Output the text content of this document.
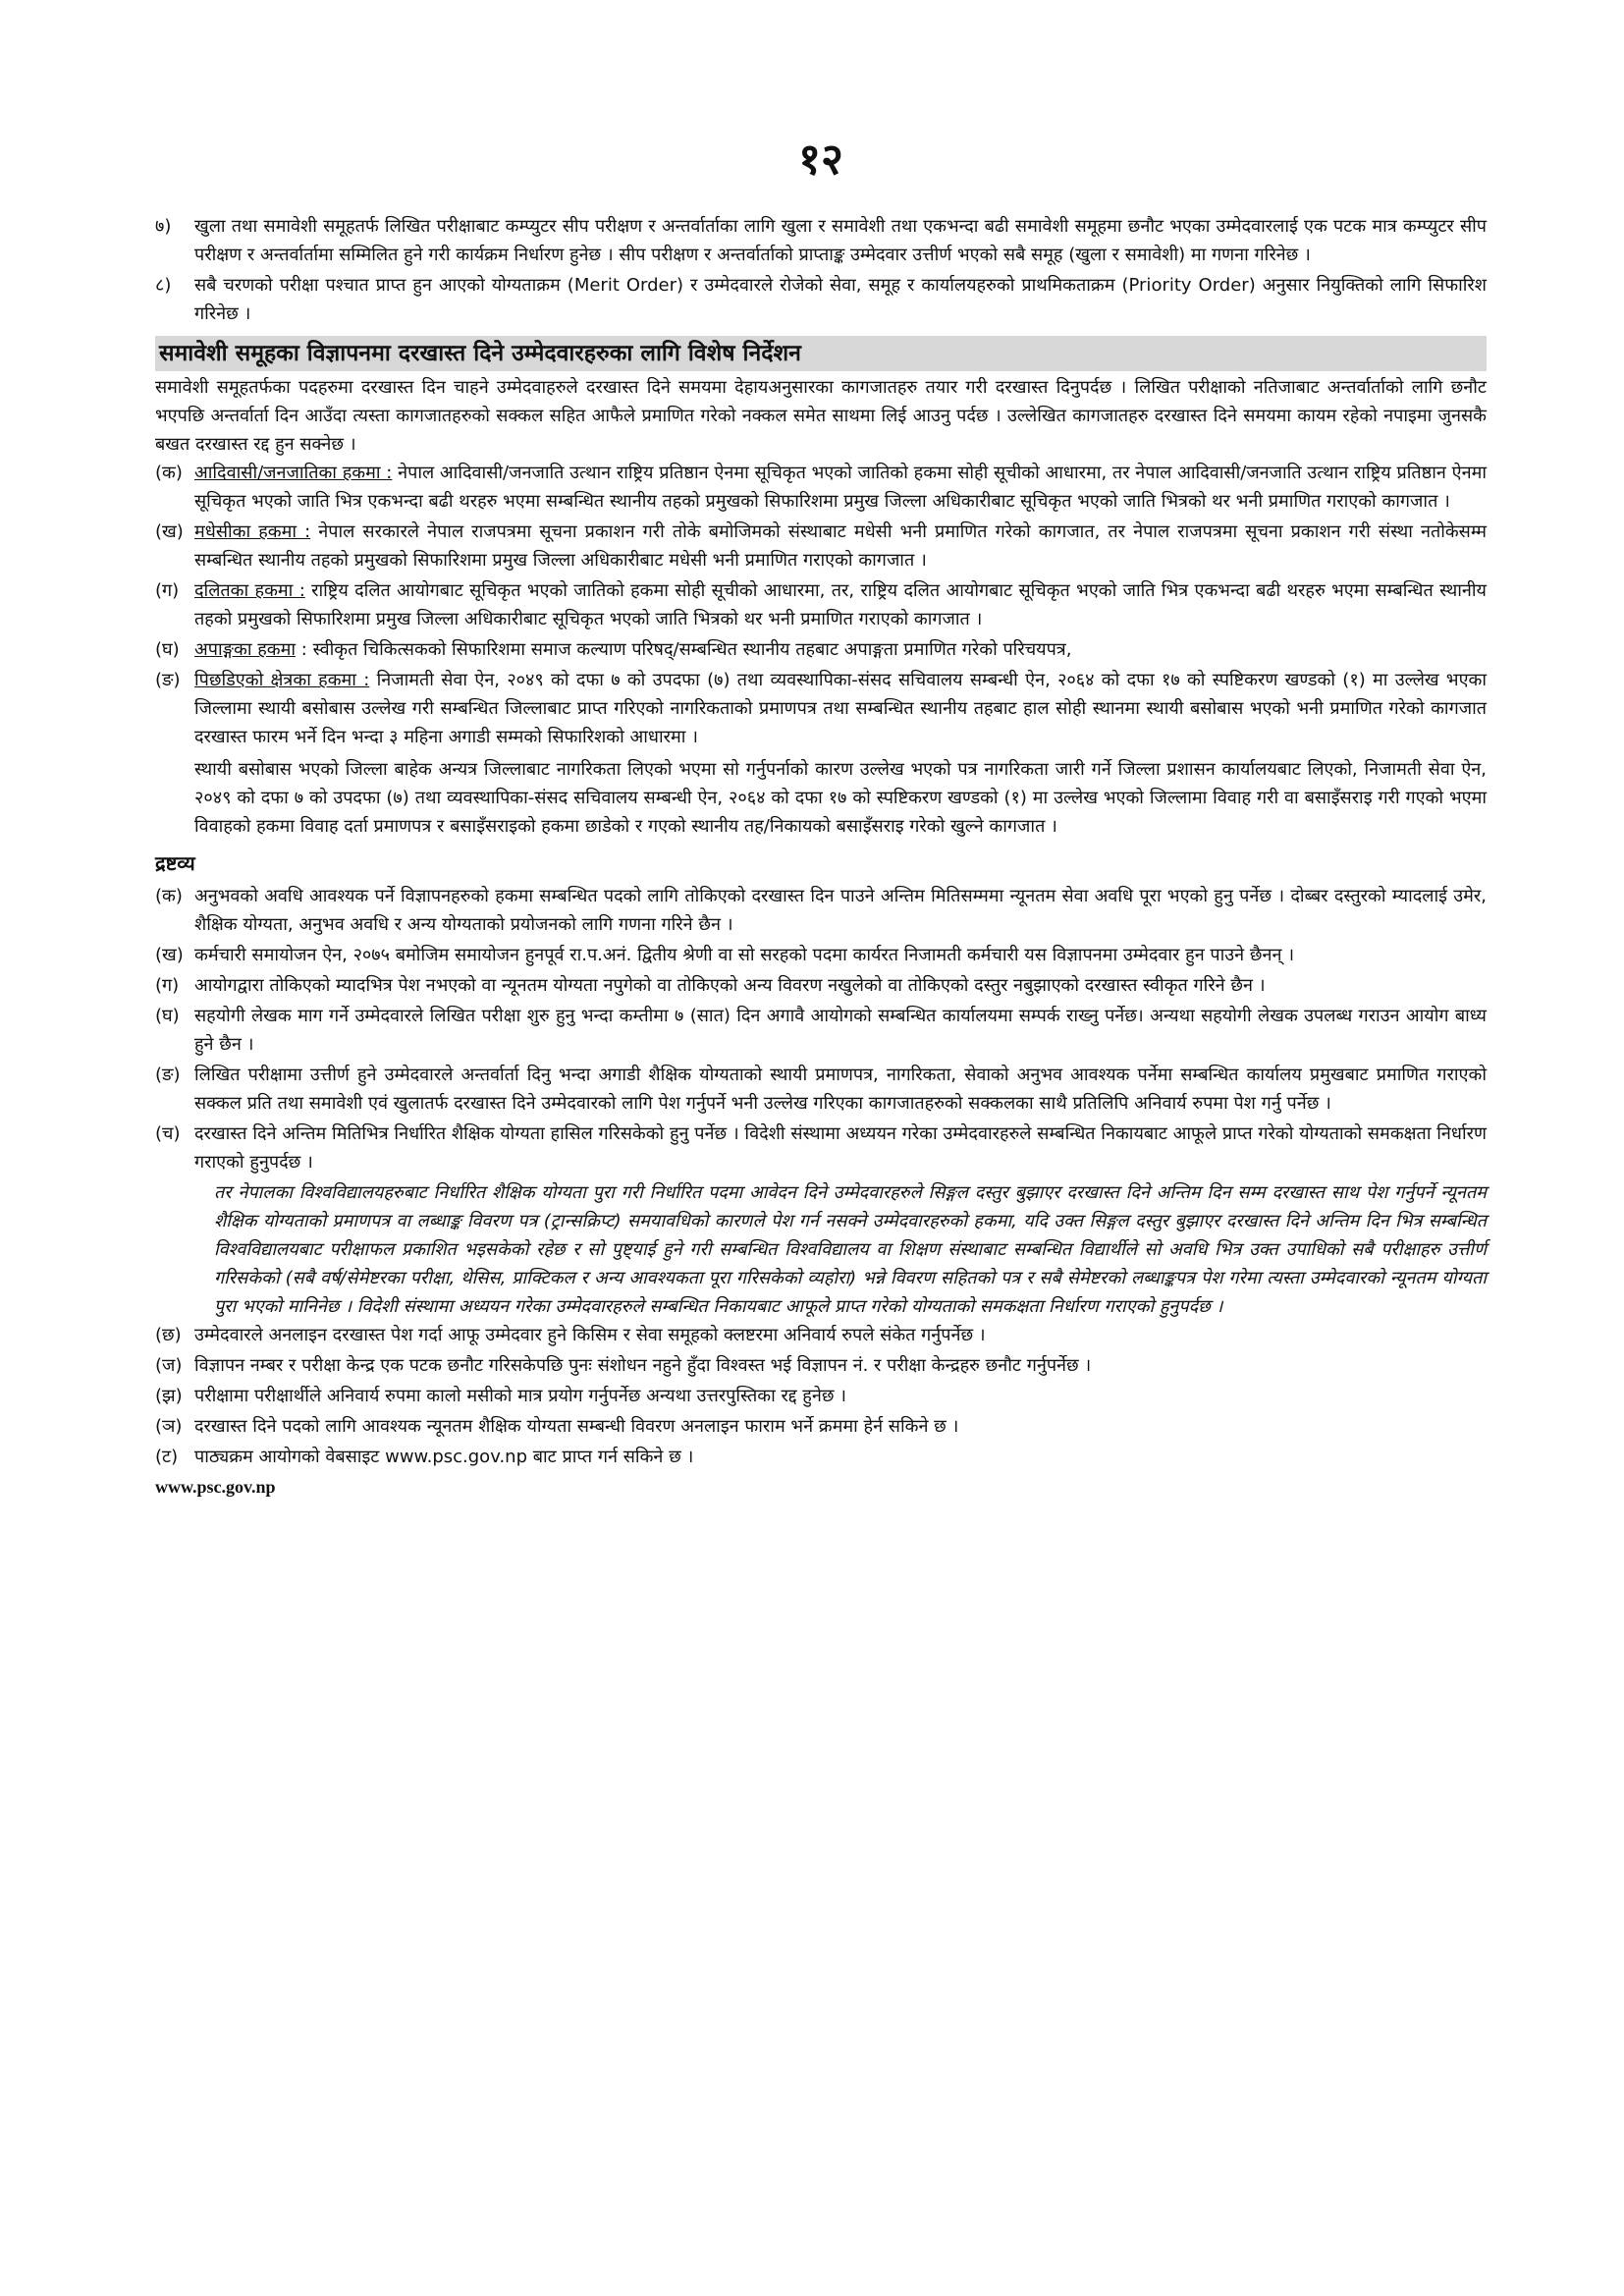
१२
७) खुला तथा समावेशी समूहतर्फ लिखित परीक्षाबाट कम्प्युटर सीप परीक्षण र अन्तर्वार्ताका लागि खुला र समावेशी तथा एकभन्दा बढी समावेशी समूहमा छनौट भएका उम्मेदवारलाई एक पटक मात्र कम्प्युटर सीप परीक्षण र अन्तर्वार्तामा सम्मिलित हुने गरी कार्यक्रम निर्धारण हुनेछ । सीप परीक्षण र अन्तर्वार्ताको प्राप्ताङ्क उम्मेदवार उत्तीर्ण भएको सबै समूह (खुला र समावेशी) मा गणना गरिनेछ ।
८) सबै चरणको परीक्षा पश्चात प्राप्त हुन आएको योग्यताक्रम (Merit Order) र उम्मेदवारले रोजेको सेवा, समूह र कार्यालयहरुको प्राथमिकताक्रम (Priority Order) अनुसार नियुक्तिको लागि सिफारिश गरिनेछ ।
समावेशी समूहका विज्ञापनमा दरखास्त दिने उम्मेदवारहरुका लागि विशेष निर्देशन

समावेशी समूहतर्फका पदहरुमा दरखास्त दिन चाहने उम्मेदवाहरुले दरखास्त दिने समयमा देहायअनुसारका कागजातहरु तयार गरी दरखास्त दिनुपर्दछ । लिखित परीक्षाको नतिजाबाट अन्तर्वार्ताको लागि छनौट भएपछि अन्तर्वार्ता दिन आउँदा त्यस्ता कागजातहरुको सक्कल सहित आफैले प्रमाणित गरेको नक्कल समेत साथमा लिई आउनु पर्दछ । उल्लेखित कागजातहरु दरखास्त दिने समयमा कायम रहेको नपाइमा जुनसकै बखत दरखास्त रद्द हुन सक्नेछ ।

(क) आदिवासी/जनजातिका हकमा : नेपाल आदिवासी/जनजाति उत्थान राष्ट्रिय प्रतिष्ठान ऐनमा सूचिकृत भएको जातिको हकमा सोही सूचीको आधारमा, तर नेपाल आदिवासी/जनजाति उत्थान राष्ट्रिय प्रतिष्ठान ऐनमा सूचिकृत भएको जाति भित्र एकभन्दा बढी थरहरु भएमा सम्बन्धित स्थानीय तहको प्रमुखको सिफारिशमा प्रमुख जिल्ला अधिकारीबाट सूचिकृत भएको जाति भित्रको थर भनी प्रमाणित गराएको कागजात ।
(ख) मधेसीका हकमा : नेपाल सरकारले नेपाल राजपत्रमा सूचना प्रकाशन गरी तोके बमोजिमको संस्थाबाट मधेसी भनी प्रमाणित गरेको कागजात, तर नेपाल राजपत्रमा सूचना प्रकाशन गरी संस्था नतोकेसम्म सम्बन्धित स्थानीय तहको प्रमुखको सिफारिशमा प्रमुख जिल्ला अधिकारीबाट मधेसी भनी प्रमाणित गराएको कागजात ।
(ग) दलितका हकमा : राष्ट्रिय दलित आयोगबाट सूचिकृत भएको जातिको हकमा सोही सूचीको आधारमा, तर, राष्ट्रिय दलित आयोगबाट सूचिकृत भएको जाति भित्र एकभन्दा बढी थरहरु भएमा सम्बन्धित स्थानीय तहको प्रमुखको सिफारिशमा प्रमुख जिल्ला अधिकारीबाट सूचिकृत भएको जाति भित्रको थर भनी प्रमाणित गराएको कागजात ।
(घ) अपाङ्गका हकमा : स्वीकृत चिकित्सकको सिफारिशमा समाज कल्याण परिषद्/सम्बन्धित स्थानीय तहबाट अपाङ्गता प्रमाणित गरेको परिचयपत्र,
(ङ) पिछडिएको क्षेत्रका हकमा : निजामती सेवा ऐन, २०४९ को दफा ७ को उपदफा (७) तथा व्यवस्थापिका-संसद सचिवालय सम्बन्धी ऐन, २०६४ को दफा १७ को स्पष्टिकरण खण्डको (१) मा उल्लेख भएका जिल्लामा स्थायी बसोबास उल्लेख गरी सम्बन्धित जिल्लाबाट प्राप्त गरिएको नागरिकताको प्रमाणपत्र तथा सम्बन्धित स्थानीय तहबाट हाल सोही स्थानमा स्थायी बसोबास भएको भनी प्रमाणित गरेको कागजात दरखास्त फारम भर्ने दिन भन्दा ३ महिना अगाडी सम्मको सिफारिशको आधारमा ।

स्थायी बसोबास भएको जिल्ला बाहेक अन्यत्र जिल्लाबाट नागरिकता लिएको भएमा सो गर्नुपर्नाको कारण उल्लेख भएको पत्र नागरिकता जारी गर्ने जिल्ला प्रशासन कार्यालयबाट लिएको, निजामती सेवा ऐन, २०४९ को दफा ७ को उपदफा (७) तथा व्यवस्थापिका-संसद सचिवालय सम्बन्धी ऐन, २०६४ को दफा १७ को स्पष्टिकरण खण्डको (१) मा उल्लेख भएको जिल्लामा विवाह गरी वा बसाइँसराइ गरी गएको भएमा विवाहको हकमा विवाह दर्ता प्रमाणपत्र र बसाइँसराइको हकमा छाडेको र गएको स्थानीय तह/निकायको बसाइँसराइ गरेको खुल्ने कागजात ।

द्रष्टव्य
(क) अनुभवको अवधि आवश्यक पर्ने विज्ञापनहरुको हकमा सम्बन्धित पदको लागि तोकिएको दरखास्त दिन पाउने अन्तिम मितिसम्ममा न्यूनतम सेवा अवधि पूरा भएको हुनु पर्नेछ । दोब्बर दस्तुरको म्यादलाई उमेर, शैक्षिक योग्यता, अनुभव अवधि र अन्य योग्यताको प्रयोजनको लागि गणना गरिने छैन ।
(ख) कर्मचारी समायोजन ऐन, २०७५ बमोजिम समायोजन हुनपूर्व रा.प.अनं. द्वितीय श्रेणी वा सो सरहको पदमा कार्यरत निजामती कर्मचारी यस विज्ञापनमा उम्मेदवार हुन पाउने छैनन् ।
(ग) आयोगद्वारा तोकिएको म्यादभित्र पेश नभएको वा न्यूनतम योग्यता नपुगेको वा तोकिएको अन्य विवरण नखुलेको वा तोकिएको दस्तुर नबुझाएको दरखास्त स्वीकृत गरिने छैन ।
(घ) सहयोगी लेखक माग गर्ने उम्मेदवारले लिखित परीक्षा शुरु हुनु भन्दा कम्तीमा ७ (सात) दिन अगावै आयोगको सम्बन्धित कार्यालयमा सम्पर्क राख्नु पर्नेछ। अन्यथा सहयोगी लेखक उपलब्ध गराउन आयोग बाध्य हुने छैन ।
(ङ) लिखित परीक्षामा उत्तीर्ण हुने उम्मेदवारले अन्तर्वार्ता दिनु भन्दा अगाडी शैक्षिक योग्यताको स्थायी प्रमाणपत्र, नागरिकता, सेवाको अनुभव आवश्यक पर्नेमा सम्बन्धित कार्यालय प्रमुखबाट प्रमाणित गराएको सक्कल प्रति तथा समावेशी एवं खुलातर्फ दरखास्त दिने उम्मेदवारको लागि पेश गर्नुपर्ने भनी उल्लेख गरिएका कागजातहरुको सक्कलका साथै प्रतिलिपि अनिवार्य रुपमा पेश गर्नु पर्नेछ ।
(च) दरखास्त दिने अन्तिम मितिभित्र निर्धारित शैक्षिक योग्यता हासिल गरिसकेको हुनु पर्नेछ । विदेशी संस्थामा अध्ययन गरेका उम्मेदवारहरुले सम्बन्धित निकायबाट आफूले प्राप्त गरेको योग्यताको समकक्षता निर्धारण गराएको हुनुपर्दछ ।

तर नेपालका विश्वविद्यालयहरुबाट निर्धारित शैक्षिक योग्यता पुरा गरी निर्धारित पदमा आवेदन दिने उम्मेदवारहरुले सिङ्गल दस्तुर बुझाएर दरखास्त दिने अन्तिम दिन सम्म दरखास्त साथ पेश गर्नुपर्ने न्यूनतम शैक्षिक योग्यताको प्रमाणपत्र वा लब्धाङ्क विवरण पत्र (ट्रान्सक्रिप्ट) समयावधिको कारणले पेश गर्न नसक्ने उम्मेदवारहरुको हकमा, यदि उक्त सिङ्गल दस्तुर बुझाएर दरखास्त दिने अन्तिम दिन भित्र सम्बन्धित विश्वविद्यालयबाट परीक्षाफल प्रकाशित भइसकेको रहेछ र सो पुष्ट्याई हुने गरी सम्बन्धित विश्वविद्यालय वा शिक्षण संस्थाबाट सम्बन्धित विद्यार्थीले सो अवधि भित्र उक्त उपाधिको सबै परीक्षाहरु उत्तीर्ण गरिसकेको (सबै वर्ष/सेमेष्टरका परीक्षा, थेसिस, प्राक्टिकल र अन्य आवश्यकता पूरा गरिसकेको व्यहोरा) भन्ने विवरण सहितको पत्र र सबै सेमेष्टरको लब्धाङ्कपत्र पेश गरेमा त्यस्ता उम्मेदवारको न्यूनतम योग्यता पुरा भएको मानिनेछ । विदेशी संस्थामा अध्ययन गरेका उम्मेदवारहरुले सम्बन्धित निकायबाट आफूले प्राप्त गरेको योग्यताको समकक्षता निर्धारण गराएको हुनुपर्दछ ।

(छ) उम्मेदवारले अनलाइन दरखास्त पेश गर्दा आफू उम्मेदवार हुने किसिम र सेवा समूहको क्लष्टरमा अनिवार्य रुपले संकेत गर्नुपर्नेछ ।
(ज) विज्ञापन नम्बर र परीक्षा केन्द्र एक पटक छनौट गरिसकेपछि पुनः संशोधन नहुने हुँदा विश्वस्त भई विज्ञापन नं. र परीक्षा केन्द्रहरु छनौट गर्नुपर्नेछ ।
(झ) परीक्षामा परीक्षार्थीले अनिवार्य रुपमा कालो मसीको मात्र प्रयोग गर्नुपर्नेछ अन्यथा उत्तरपुस्तिका रद्द हुनेछ ।
(ञ) दरखास्त दिने पदको लागि आवश्यक न्यूनतम शैक्षिक योग्यता सम्बन्धी विवरण अनलाइन फाराम भर्ने क्रममा हेर्न सकिने छ ।
(ट) पाठ्यक्रम आयोगको वेबसाइट www.psc.gov.np बाट प्राप्त गर्न सकिने छ ।
www.psc.gov.np
